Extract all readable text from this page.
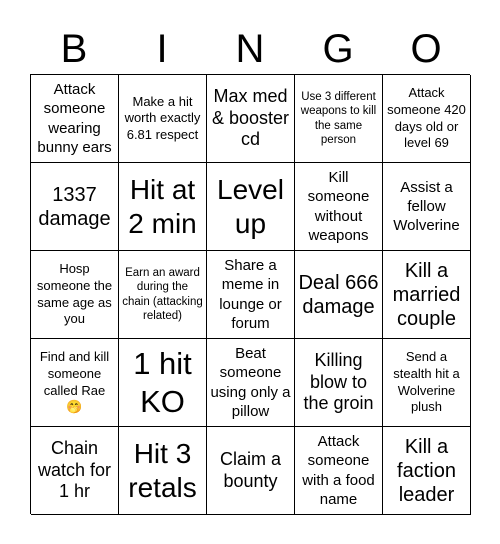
B	I	N	G	O
Attack someone wearing bunny ears
Make a hit worth exactly 6.81 respect
Max med & booster cd
Use 3 different weapons to kill the same person
Attack someone 420 days old or level 69
1337 damage
Hit at 2 min
Level up
Kill someone without weapons
Assist a fellow Wolverine
Hosp someone the same age as you
Earn an award during the chain (attacking related)
Share a meme in lounge or forum
Deal 666 damage
Kill a married couple
Find and kill someone called Rae 🤭
1 hit KO
Beat someone using only a pillow
Killing blow to the groin
Send a stealth hit a Wolverine plush
Chain watch for 1 hr
Hit 3 retals
Claim a bounty
Attack someone with a food name
Kill a faction leader
